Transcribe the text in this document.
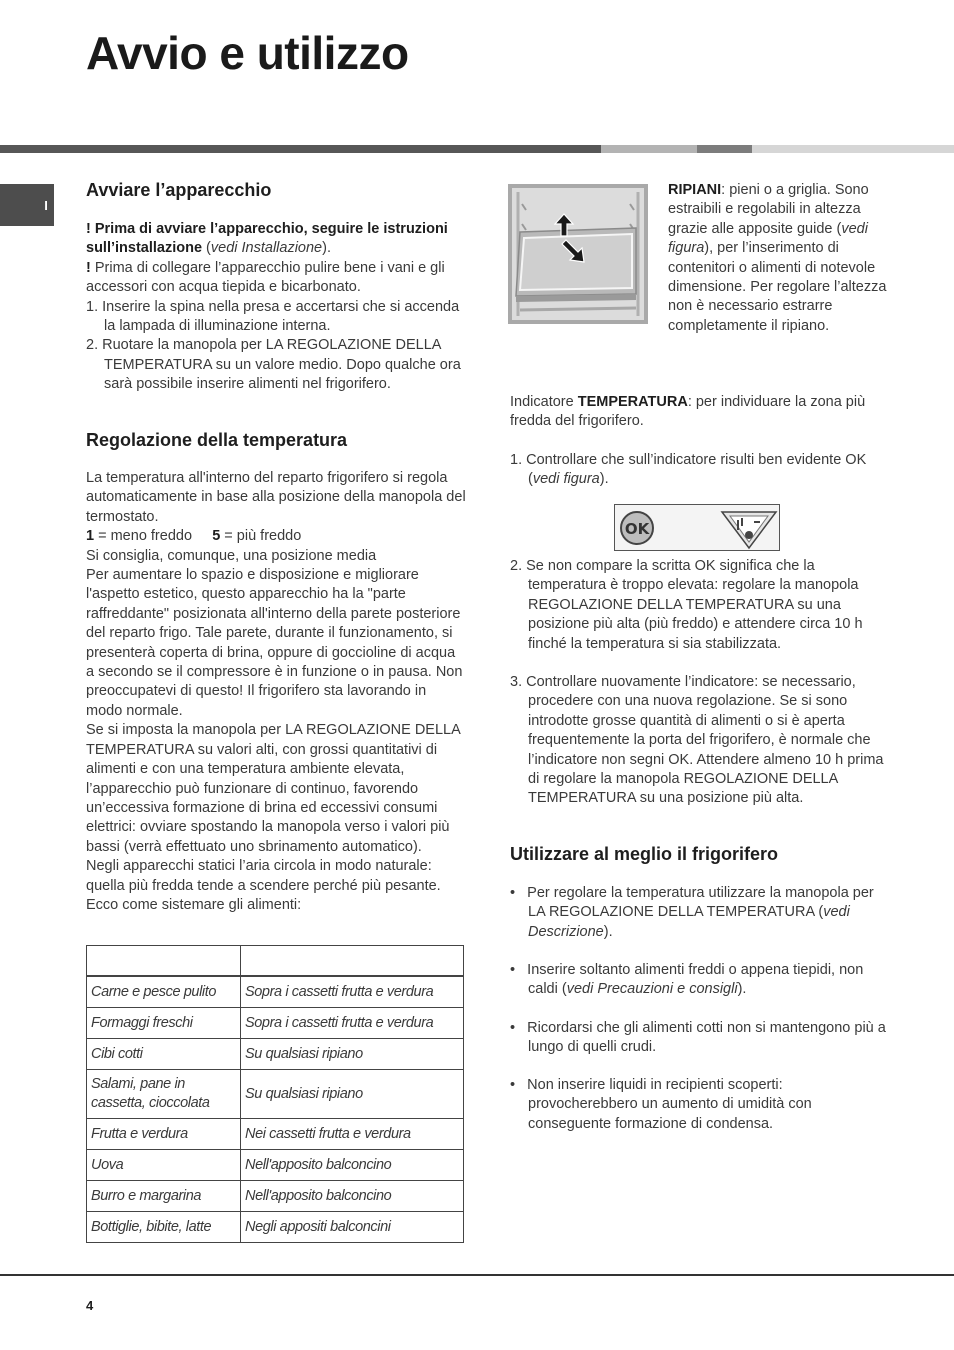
Avvio e utilizzo
I
Avviare l’apparecchio

! Prima di avviare l’apparecchio, seguire le istruzioni sull’installazione (vedi Installazione).

! Prima di collegare l’apparecchio pulire bene i vani e gli accessori con acqua tiepida e bicarbonato.

1. Inserire la spina nella presa e accertarsi che si accenda la lampada di illuminazione interna.

2. Ruotare la manopola per LA REGOLAZIONE DELLA TEMPERATURA su un valore medio. Dopo qualche ora sarà possibile inserire alimenti nel frigorifero.

Regolazione della temperatura

La temperatura all'interno del reparto frigorifero si regola automaticamente in base alla posizione della manopola del termostato.

1 = meno freddo 5 = più freddo

Si consiglia, comunque, una posizione media

Per aumentare lo spazio e disposizione e migliorare l'aspetto estetico, questo apparecchio ha la "parte raffreddante" posizionata all'interno della parete posteriore del reparto frigo. Tale parete, durante il funzionamento, si presenterà coperta di brina, oppure di goccioline di acqua a secondo se il compressore è in funzione o in pausa. Non preoccupatevi di questo! Il frigorifero sta lavorando in modo normale.

Se si imposta la manopola per LA REGOLAZIONE DELLA TEMPERATURA su valori alti, con grossi quantitativi di alimenti e con una temperatura ambiente elevata, l’apparecchio può funzionare di continuo, favorendo un’eccessiva formazione di brina ed eccessivi consumi elettrici: ovviare spostando la manopola verso i valori più bassi (verrà effettuato uno sbrinamento automatico).

Negli apparecchi statici l’aria circola in modo naturale: quella più fredda tende a scendere perché più pesante. Ecco come sistemare gli alimenti:

Carne e pesce pulito	Sopra i cassetti frutta e verdura
Formaggi freschi	Sopra i cassetti frutta e verdura
Cibi cotti	Su qualsiasi ripiano
Salami, pane in cassetta, cioccolata	Su qualsiasi ripiano
Frutta e verdura	Nei cassetti frutta e verdura
Uova	Nell'apposito balconcino
Burro e margarina	Nell'apposito balconcino
Bottiglie, bibite, latte	Negli appositi balconcini

RIPIANI: pieni o a griglia. Sono estraibili e regolabili in altezza grazie alle apposite guide (vedi figura), per l’inserimento di contenitori o alimenti di notevole dimensione. Per regolare l’altezza non è necessario estrarre completamente il ripiano.

Indicatore TEMPERATURA: per individuare la zona più fredda del frigorifero.

1. Controllare che sull’indicatore risulti ben evidente OK (vedi figura).

OK

2. Se non compare la scritta OK significa che la temperatura è troppo elevata: regolare la manopola REGOLAZIONE DELLA TEMPERATURA su una posizione più alta (più freddo) e attendere circa 10 h finché la temperatura si sia stabilizzata.

3. Controllare nuovamente l’indicatore: se necessario, procedere con una nuova regolazione. Se si sono introdotte grosse quantità di alimenti o si è aperta frequentemente la porta del frigorifero, è normale che l’indicatore non segni OK. Attendere almeno 10 h prima di regolare la manopola REGOLAZIONE DELLA TEMPERATURA su una posizione più alta.

Utilizzare al meglio il frigorifero

• Per regolare la temperatura utilizzare la manopola per LA REGOLAZIONE DELLA TEMPERATURA (vedi Descrizione).

• Inserire soltanto alimenti freddi o appena tiepidi, non caldi (vedi Precauzioni e consigli).

• Ricordarsi che gli alimenti cotti non si mantengono più a lungo di quelli crudi.

• Non inserire liquidi in recipienti scoperti: provocherebbero un aumento di umidità con conseguente formazione di condensa.

4
